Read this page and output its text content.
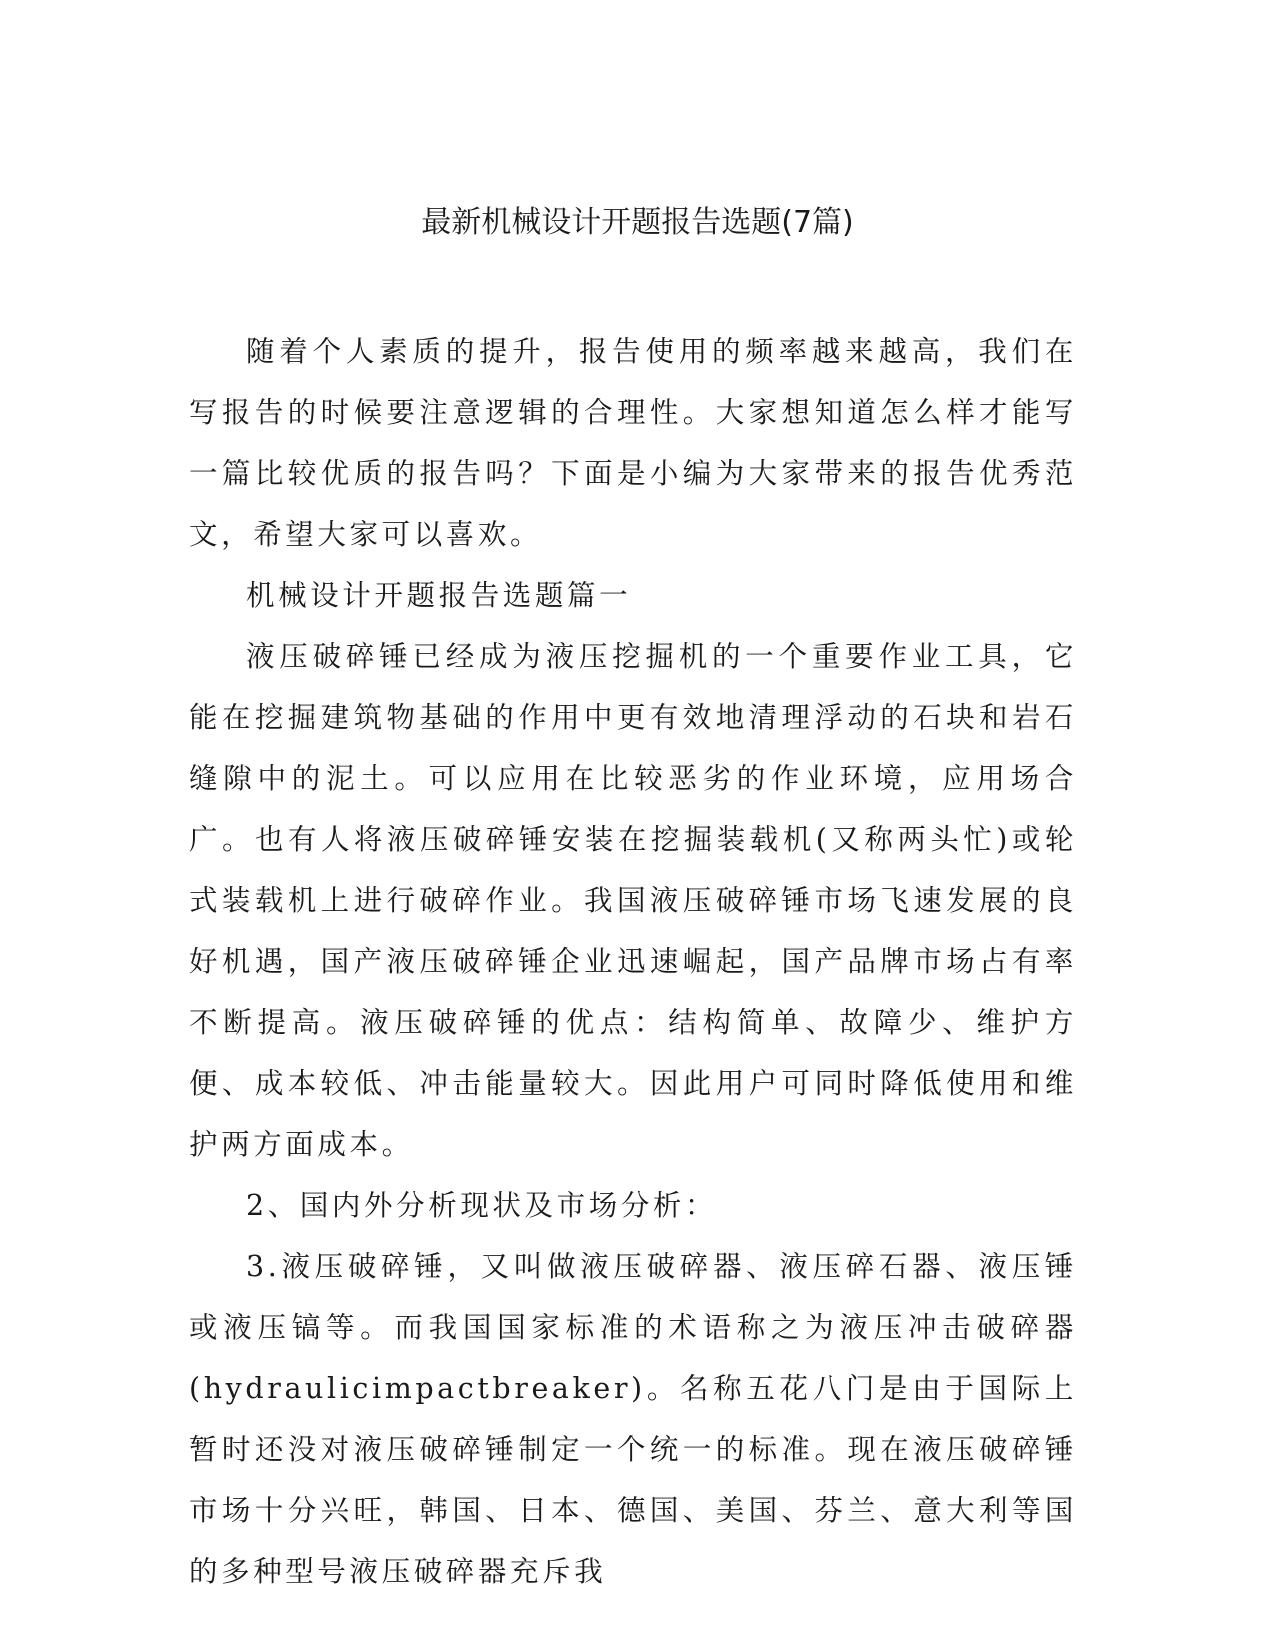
最新机械设计开题报告选题(7篇)

随着个人素质的提升，报告使用的频率越来越高，我们在写报告的时候要注意逻辑的合理性。大家想知道怎么样才能写一篇比较优质的报告吗？下面是小编为大家带来的报告优秀范文，希望大家可以喜欢。

机械设计开题报告选题篇一

液压破碎锤已经成为液压挖掘机的一个重要作业工具，它能在挖掘建筑物基础的作用中更有效地清理浮动的石块和岩石缝隙中的泥土。可以应用在比较恶劣的作业环境，应用场合广。也有人将液压破碎锤安装在挖掘装载机(又称两头忙)或轮式装载机上进行破碎作业。我国液压破碎锤市场飞速发展的良好机遇，国产液压破碎锤企业迅速崛起，国产品牌市场占有率不断提高。液压破碎锤的优点：结构简单、故障少、维护方便、成本较低、冲击能量较大。因此用户可同时降低使用和维护两方面成本。

2、国内外分析现状及市场分析：

3.液压破碎锤，又叫做液压破碎器、液压碎石器、液压锤或液压镐等。而我国国家标准的术语称之为液压冲击破碎器(hydraulicimpactbreaker)。名称五花八门是由于国际上暂时还没对液压破碎锤制定一个统一的标准。现在液压破碎锤市场十分兴旺，韩国、日本、德国、美国、芬兰、意大利等国的多种型号液压破碎器充斥我
